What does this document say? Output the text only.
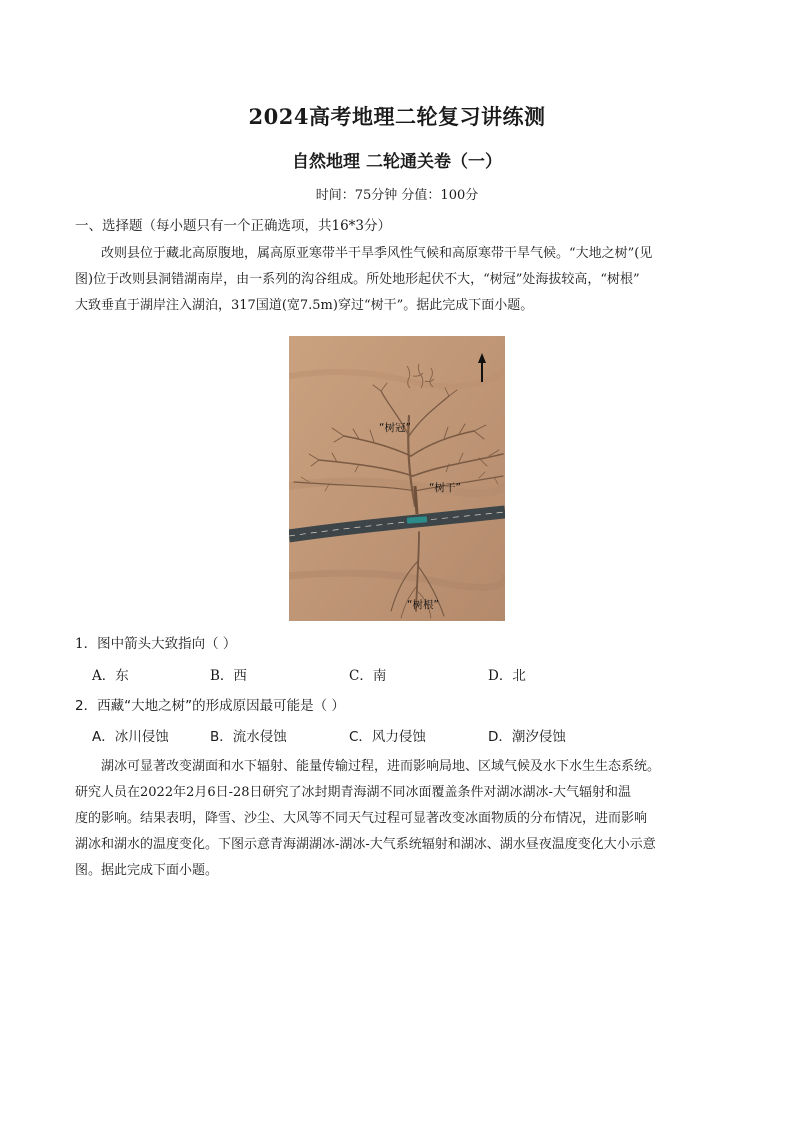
2024高考地理二轮复习讲练测
自然地理 二轮通关卷（一）
时间：75分钟 分值：100分
一、选择题（每小题只有一个正确选项，共16*3分）
改则县位于藏北高原腹地，属高原亚寒带半干旱季风性气候和高原寒带干旱气候。“大地之树”(见
图)位于改则县洞错湖南岸，由一系列的沟谷组成。所处地形起伏不大，“树冠”处海拔较高，“树根”
大致垂直于湖岸注入湖泊，317国道(宽7.5m)穿过“树干”。据此完成下面小题。
“树冠”
“树干”
“树根”
1．图中箭头大致指向（ ）
A．东	B．西	C．南	D．北
2．西藏“大地之树”的形成原因最可能是（ ）
A．冰川侵蚀	B．流水侵蚀	C．风力侵蚀	D．潮汐侵蚀
湖冰可显著改变湖面和水下辐射、能量传输过程，进而影响局地、区域气候及水下水生生态系统。
研究人员在2022年2月6日-28日研究了冰封期青海湖不同冰面覆盖条件对湖冰湖冰-大气辐射和温
度的影响。结果表明，降雪、沙尘、大风等不同天气过程可显著改变冰面物质的分布情况，进而影响
湖冰和湖水的温度变化。下图示意青海湖湖冰-湖冰-大气系统辐射和湖冰、湖水昼夜温度变化大小示意
图。据此完成下面小题。
